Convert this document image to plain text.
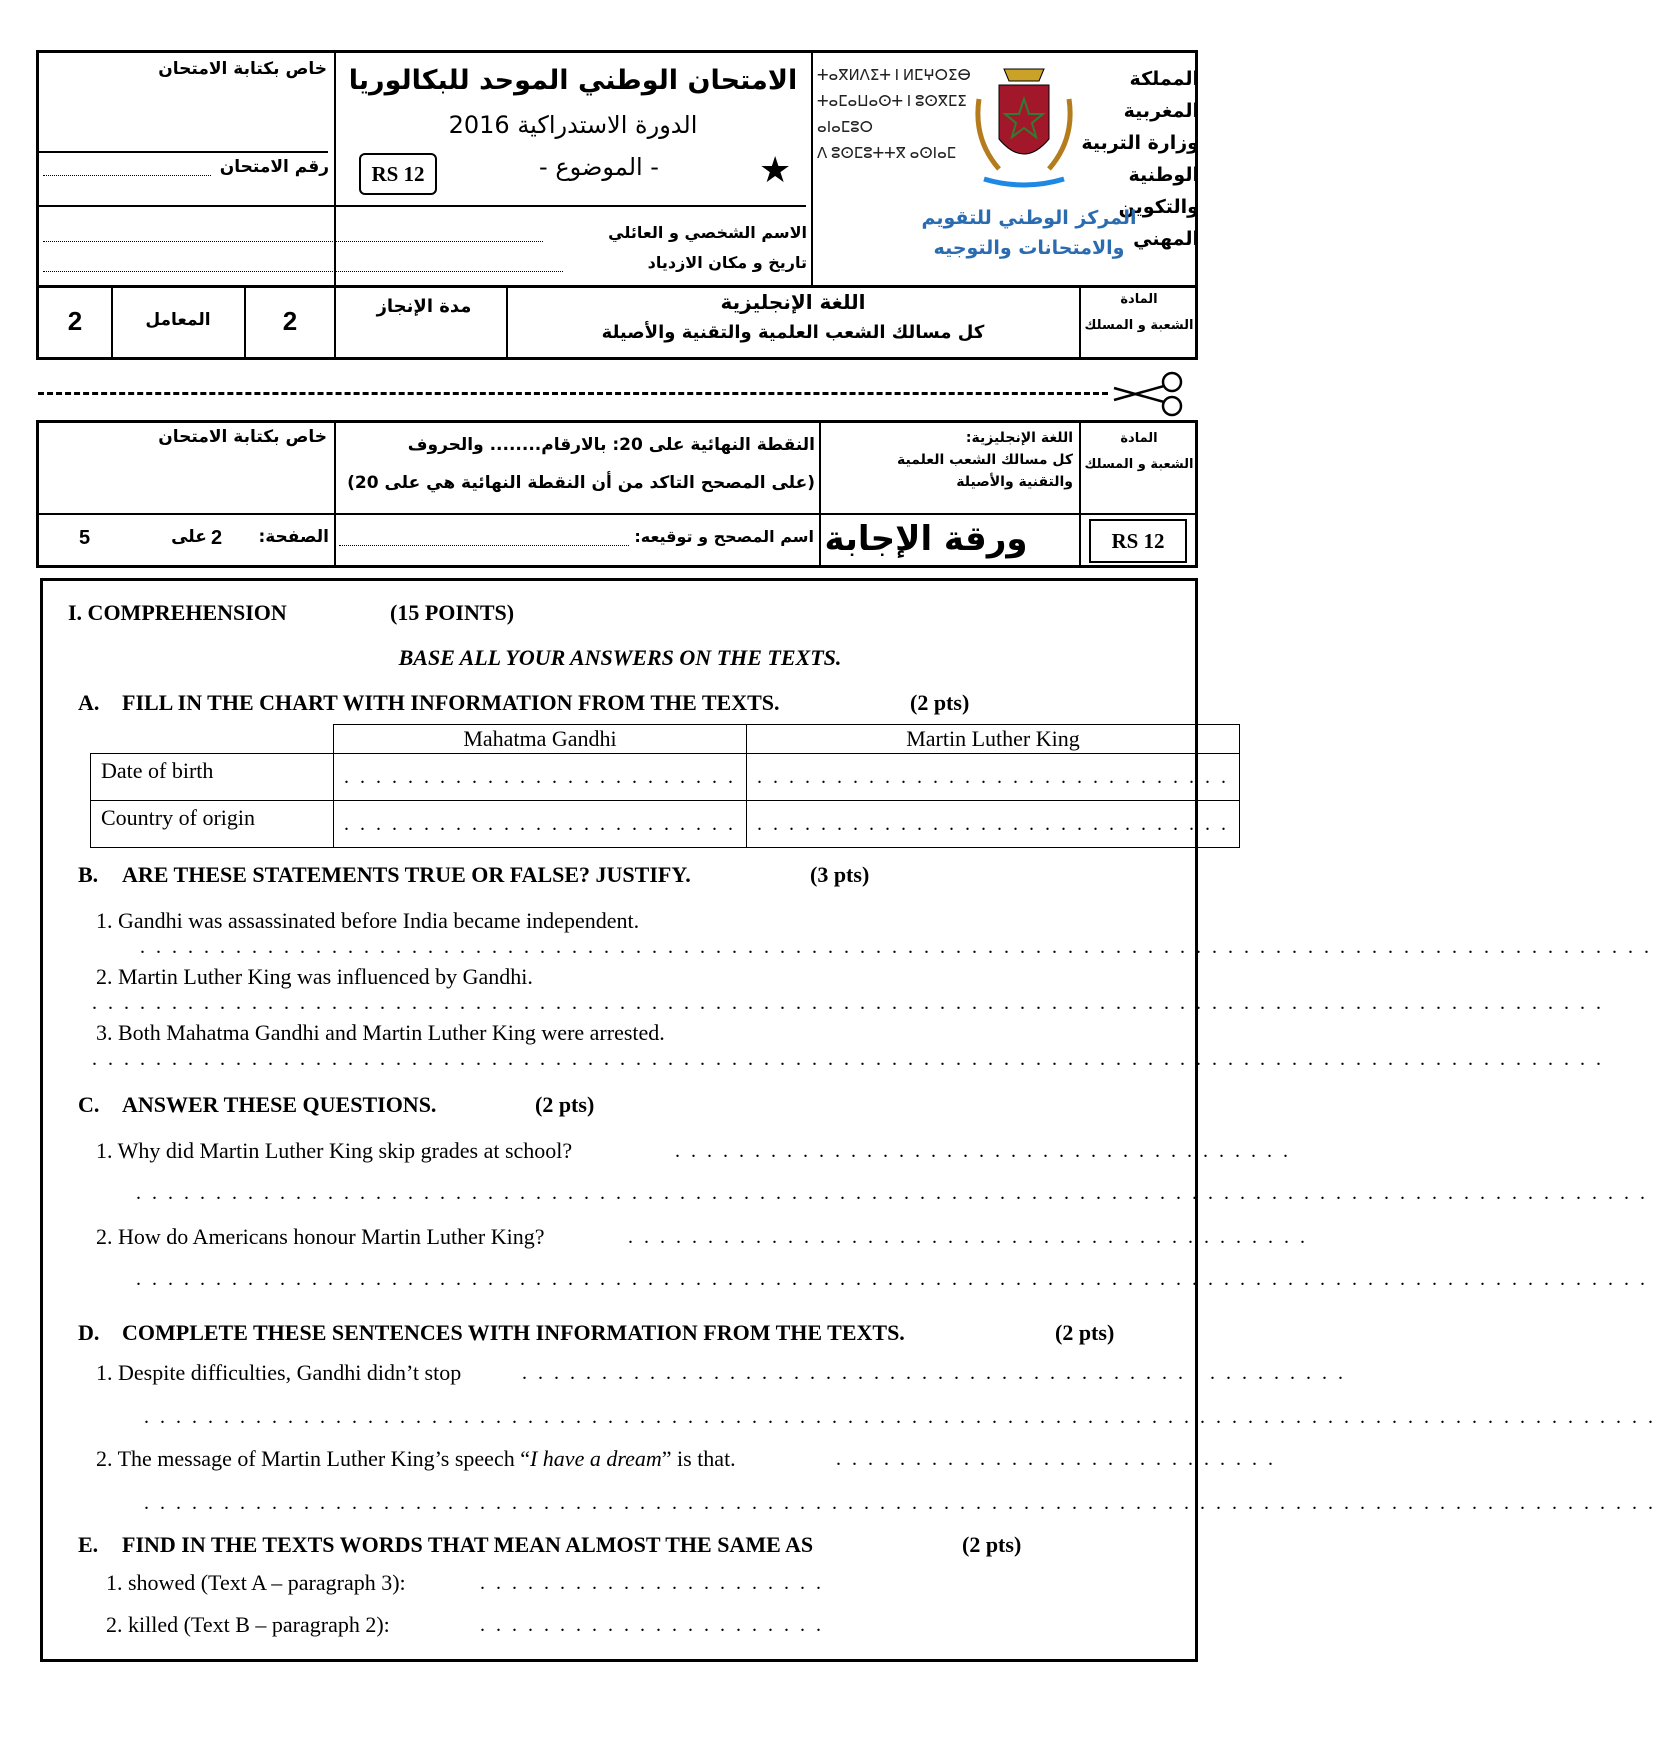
خاص بكتابة الامتحان
رقم الامتحان
الامتحان الوطني الموحد للبكالوريا
الدورة الاستدراكية 2016
RS 12	- الموضوع -	★
الاسم الشخصي و العائلي
تاريخ و مكان الازدياد
ⵜⴰⴳⵍⴷⵉⵜ ⵏ ⵍⵎⵖⵔⵉⴱ
ⵜⴰⵎⴰⵡⴰⵙⵜ ⵏ ⵓⵙⴳⵎⵉ ⴰⵏⴰⵎⵓⵔ
ⴷ ⵓⵙⵎⵓⵜⵜⴳ ⴰⵙⵏⴰⵎ
المملكة المغربية
وزارة التربية الوطنية والتكوين المهني
المركز الوطني للتقويم والامتحانات والتوجيه
2	المعامل	2	مدة الإنجاز	اللغة الإنجليزية
كل مسالك الشعب العلمية والتقنية والأصيلة
المادة
الشعبة و المسلك
خاص بكتابة الامتحان	النقطة النهائية على 20: بالارقام........ والحروف
(على المصحح التاكد من أن النقطة النهائية هي على 20)
5	على 2	الصفحة:	اسم المصحح و توقيعه: ورقة الإجابة	RS 12
اللغة الإنجليزية:
كل مسالك الشعب العلمية
والتقنية والأصيلة
المادة
الشعبة و المسلك
I. COMPREHENSION	(15 POINTS)
BASE ALL YOUR ANSWERS ON THE TEXTS.
A. FILL IN THE CHART WITH INFORMATION FROM THE TEXTS.	(2 pts)
	Mahatma Gandhi	Martin Luther King
Date of birth	. . . . . . . . . . . . . . . . . . . . . . . . .	. . . . . . . . . . . . . . . . . . . . . . . . . . . . . .
Country of origin	. . . . . . . . . . . . . . . . . . . . . . . . .	. . . . . . . . . . . . . . . . . . . . . . . . . . . . . .
B. ARE THESE STATEMENTS TRUE OR FALSE? JUSTIFY.	(3 pts)
1. Gandhi was assassinated before India became independent.
. . . . . . . . . . . . . . . . . . . . . . . . . . . . . . . . . . . . . . . . . . . . . . . . . . . . . . . . . . . . . . . . . . . . . . . . . . . . . . . . . . . . . . . . . . . . . . .
2. Martin Luther King was influenced by Gandhi.
. . . . . . . . . . . . . . . . . . . . . . . . . . . . . . . . . . . . . . . . . . . . . . . . . . . . . . . . . . . . . . . . . . . . . . . . . . . . . . . . . . . . . . . . . . . . . . .
3. Both Mahatma Gandhi and Martin Luther King were arrested.
. . . . . . . . . . . . . . . . . . . . . . . . . . . . . . . . . . . . . . . . . . . . . . . . . . . . . . . . . . . . . . . . . . . . . . . . . . . . . . . . . . . . . . . . . . . . . . .
C. ANSWER THESE QUESTIONS.	(2 pts)
1. Why did Martin Luther King skip grades at school?	. . . . . . . . . . . . . . . . . . . . . . . . . . . . . . . . . . . . . . .
. . . . . . . . . . . . . . . . . . . . . . . . . . . . . . . . . . . . . . . . . . . . . . . . . . . . . . . . . . . . . . . . . . . . . . . . . . . . . . . . . . . . . . . . . . . . . . .
2. How do Americans honour Martin Luther King?	. . . . . . . . . . . . . . . . . . . . . . . . . . . . . . . . . . . . . . . . . . .
. . . . . . . . . . . . . . . . . . . . . . . . . . . . . . . . . . . . . . . . . . . . . . . . . . . . . . . . . . . . . . . . . . . . . . . . . . . . . . . . . . . . . . . . . . . . . . .
D. COMPLETE THESE SENTENCES WITH INFORMATION FROM THE TEXTS.	(2 pts)
1. Despite difficulties, Gandhi didn’t stop	. . . . . . . . . . . . . . . . . . . . . . . . . . . . . . . . . . . . . . . . . . . . . . . . . . . .
. . . . . . . . . . . . . . . . . . . . . . . . . . . . . . . . . . . . . . . . . . . . . . . . . . . . . . . . . . . . . . . . . . . . . . . . . . . . . . . . . . . . . . . . . . . . . . .
2. The message of Martin Luther King’s speech “I have a dream” is that.	. . . . . . . . . . . . . . . . . . . . . . . . . . . .
. . . . . . . . . . . . . . . . . . . . . . . . . . . . . . . . . . . . . . . . . . . . . . . . . . . . . . . . . . . . . . . . . . . . . . . . . . . . . . . . . . . . . . . . . . . . . . .
E. FIND IN THE TEXTS WORDS THAT MEAN ALMOST THE SAME AS	(2 pts)
1. showed (Text A – paragraph 3):	. . . . . . . . . . . . . . . . . . . . . .
2. killed (Text B – paragraph 2):	. . . . . . . . . . . . . . . . . . . . . .
